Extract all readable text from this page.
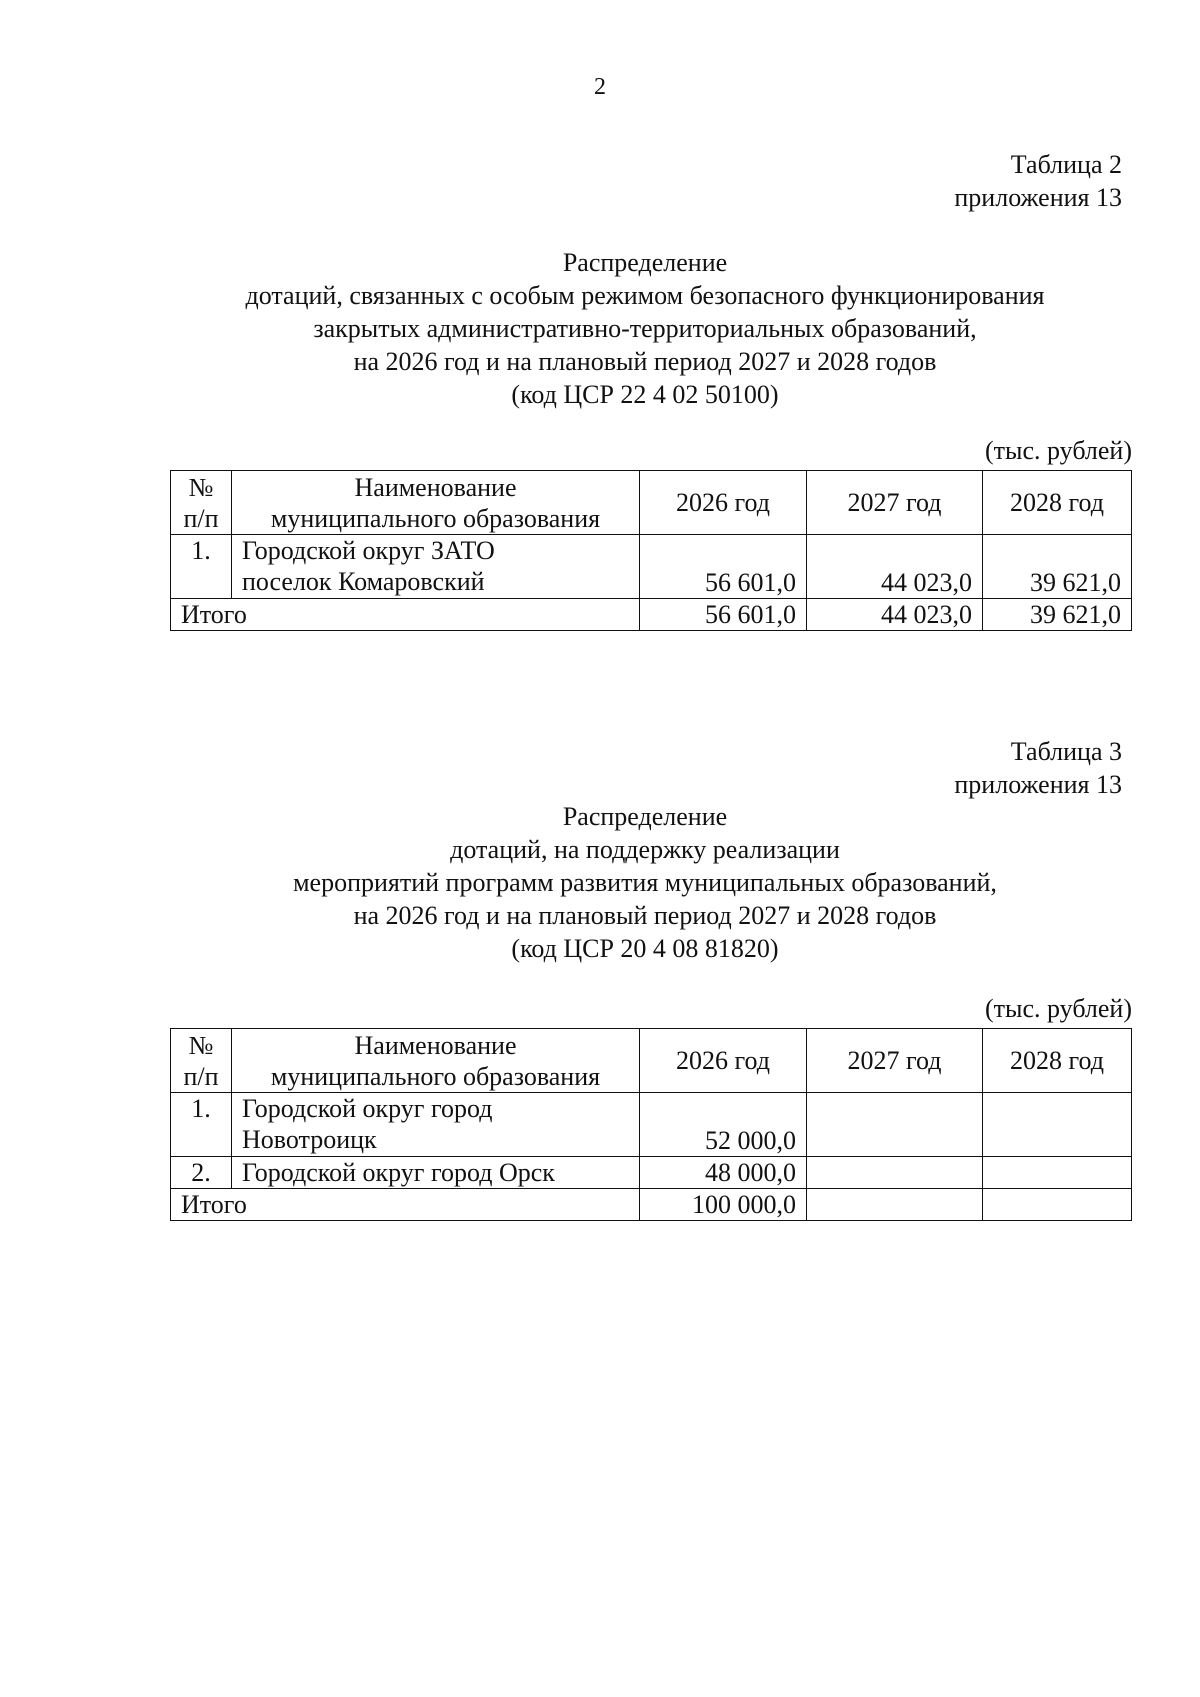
2
Таблица 2
приложения 13
Распределение
дотаций, связанных с особым режимом безопасного функционирования
закрытых административно-территориальных образований,
на 2026 год и на плановый период 2027 и 2028 годов
(код ЦСР 22 4 02 50100)
(тыс. рублей)
№
п/п	Наименование
муниципального образования	2026 год	2027 год	2028 год
1.	Городской округ ЗАТО
поселок Комаровский	56 601,0	44 023,0	39 621,0
Итого		56 601,0	44 023,0	39 621,0
Таблица 3
приложения 13
Распределение
дотаций, на поддержку реализации
мероприятий программ развития муниципальных образований,
на 2026 год и на плановый период 2027 и 2028 годов
(код ЦСР 20 4 08 81820)
(тыс. рублей)
№
п/п	Наименование
муниципального образования	2026 год	2027 год	2028 год
1.	Городской округ город
Новотроицк	52 000,0		
2.	Городской округ город Орск	48 000,0		
Итого		100 000,0		
